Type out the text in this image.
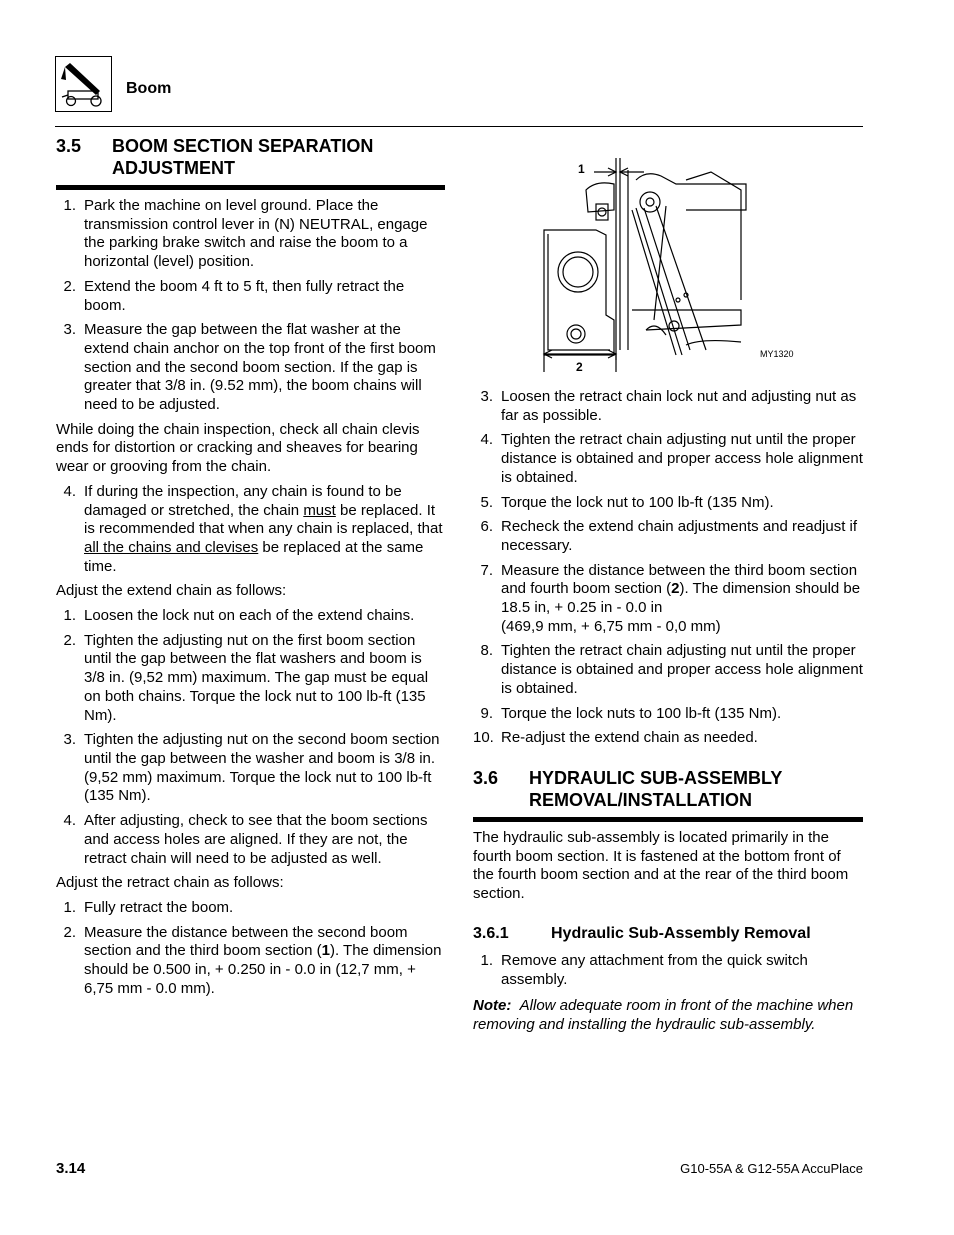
Boom
3.5	BOOM SECTION SEPARATION ADJUSTMENT
1. Park the machine on level ground. Place the transmission control lever in (N) NEUTRAL, engage the parking brake switch and raise the boom to a horizontal (level) position.
2. Extend the boom 4 ft to 5 ft, then fully retract the boom.
3. Measure the gap between the flat washer at the extend chain anchor on the top front of the first boom section and the second boom section. If the gap is greater that 3/8 in. (9.52 mm), the boom chains will need to be adjusted.

While doing the chain inspection, check all chain clevis ends for distortion or cracking and sheaves for bearing wear or grooving from the chain.

4. If during the inspection, any chain is found to be damaged or stretched, the chain must be replaced. It is recommended that when any chain is replaced, that all the chains and clevises be replaced at the same time.

Adjust the extend chain as follows:

1. Loosen the lock nut on each of the extend chains.
2. Tighten the adjusting nut on the first boom section until the gap between the flat washers and boom is 3/8 in. (9,52 mm) maximum. The gap must be equal on both chains. Torque the lock nut to 100 lb-ft (135 Nm).
3. Tighten the adjusting nut on the second boom section until the gap between the washer and boom is 3/8 in. (9,52 mm) maximum. Torque the lock nut to 100 lb-ft (135 Nm).
4. After adjusting, check to see that the boom sections and access holes are aligned. If they are not, the retract chain will need to be adjusted as well.

Adjust the retract chain as follows:

1. Fully retract the boom.
2. Measure the distance between the second boom section and the third boom section (1). The dimension should be 0.500 in, + 0.250 in - 0.0 in (12,7 mm, + 6,75 mm - 0.0 mm).
1
2
MY1320
3. Loosen the retract chain lock nut and adjusting nut as far as possible.
4. Tighten the retract chain adjusting nut until the proper distance is obtained and proper access hole alignment is obtained.
5. Torque the lock nut to 100 lb-ft (135 Nm).
6. Recheck the extend chain adjustments and readjust if necessary.
7. Measure the distance between the third boom section and fourth boom section (2). The dimension should be 18.5 in, + 0.25 in - 0.0 in
(469,9 mm, + 6,75 mm - 0,0 mm)
8. Tighten the retract chain adjusting nut until the proper distance is obtained and proper access hole alignment is obtained.
9. Torque the lock nuts to 100 lb-ft (135 Nm).
10. Re-adjust the extend chain as needed.
3.6	HYDRAULIC SUB-ASSEMBLY REMOVAL/INSTALLATION

The hydraulic sub-assembly is located primarily in the fourth boom section. It is fastened at the bottom front of the fourth boom section and at the rear of the third boom section.

3.6.1	Hydraulic Sub-Assembly Removal
1. Remove any attachment from the quick switch assembly.

Note: Allow adequate room in front of the machine when removing and installing the hydraulic sub-assembly.

3.14	G10-55A & G12-55A AccuPlace
